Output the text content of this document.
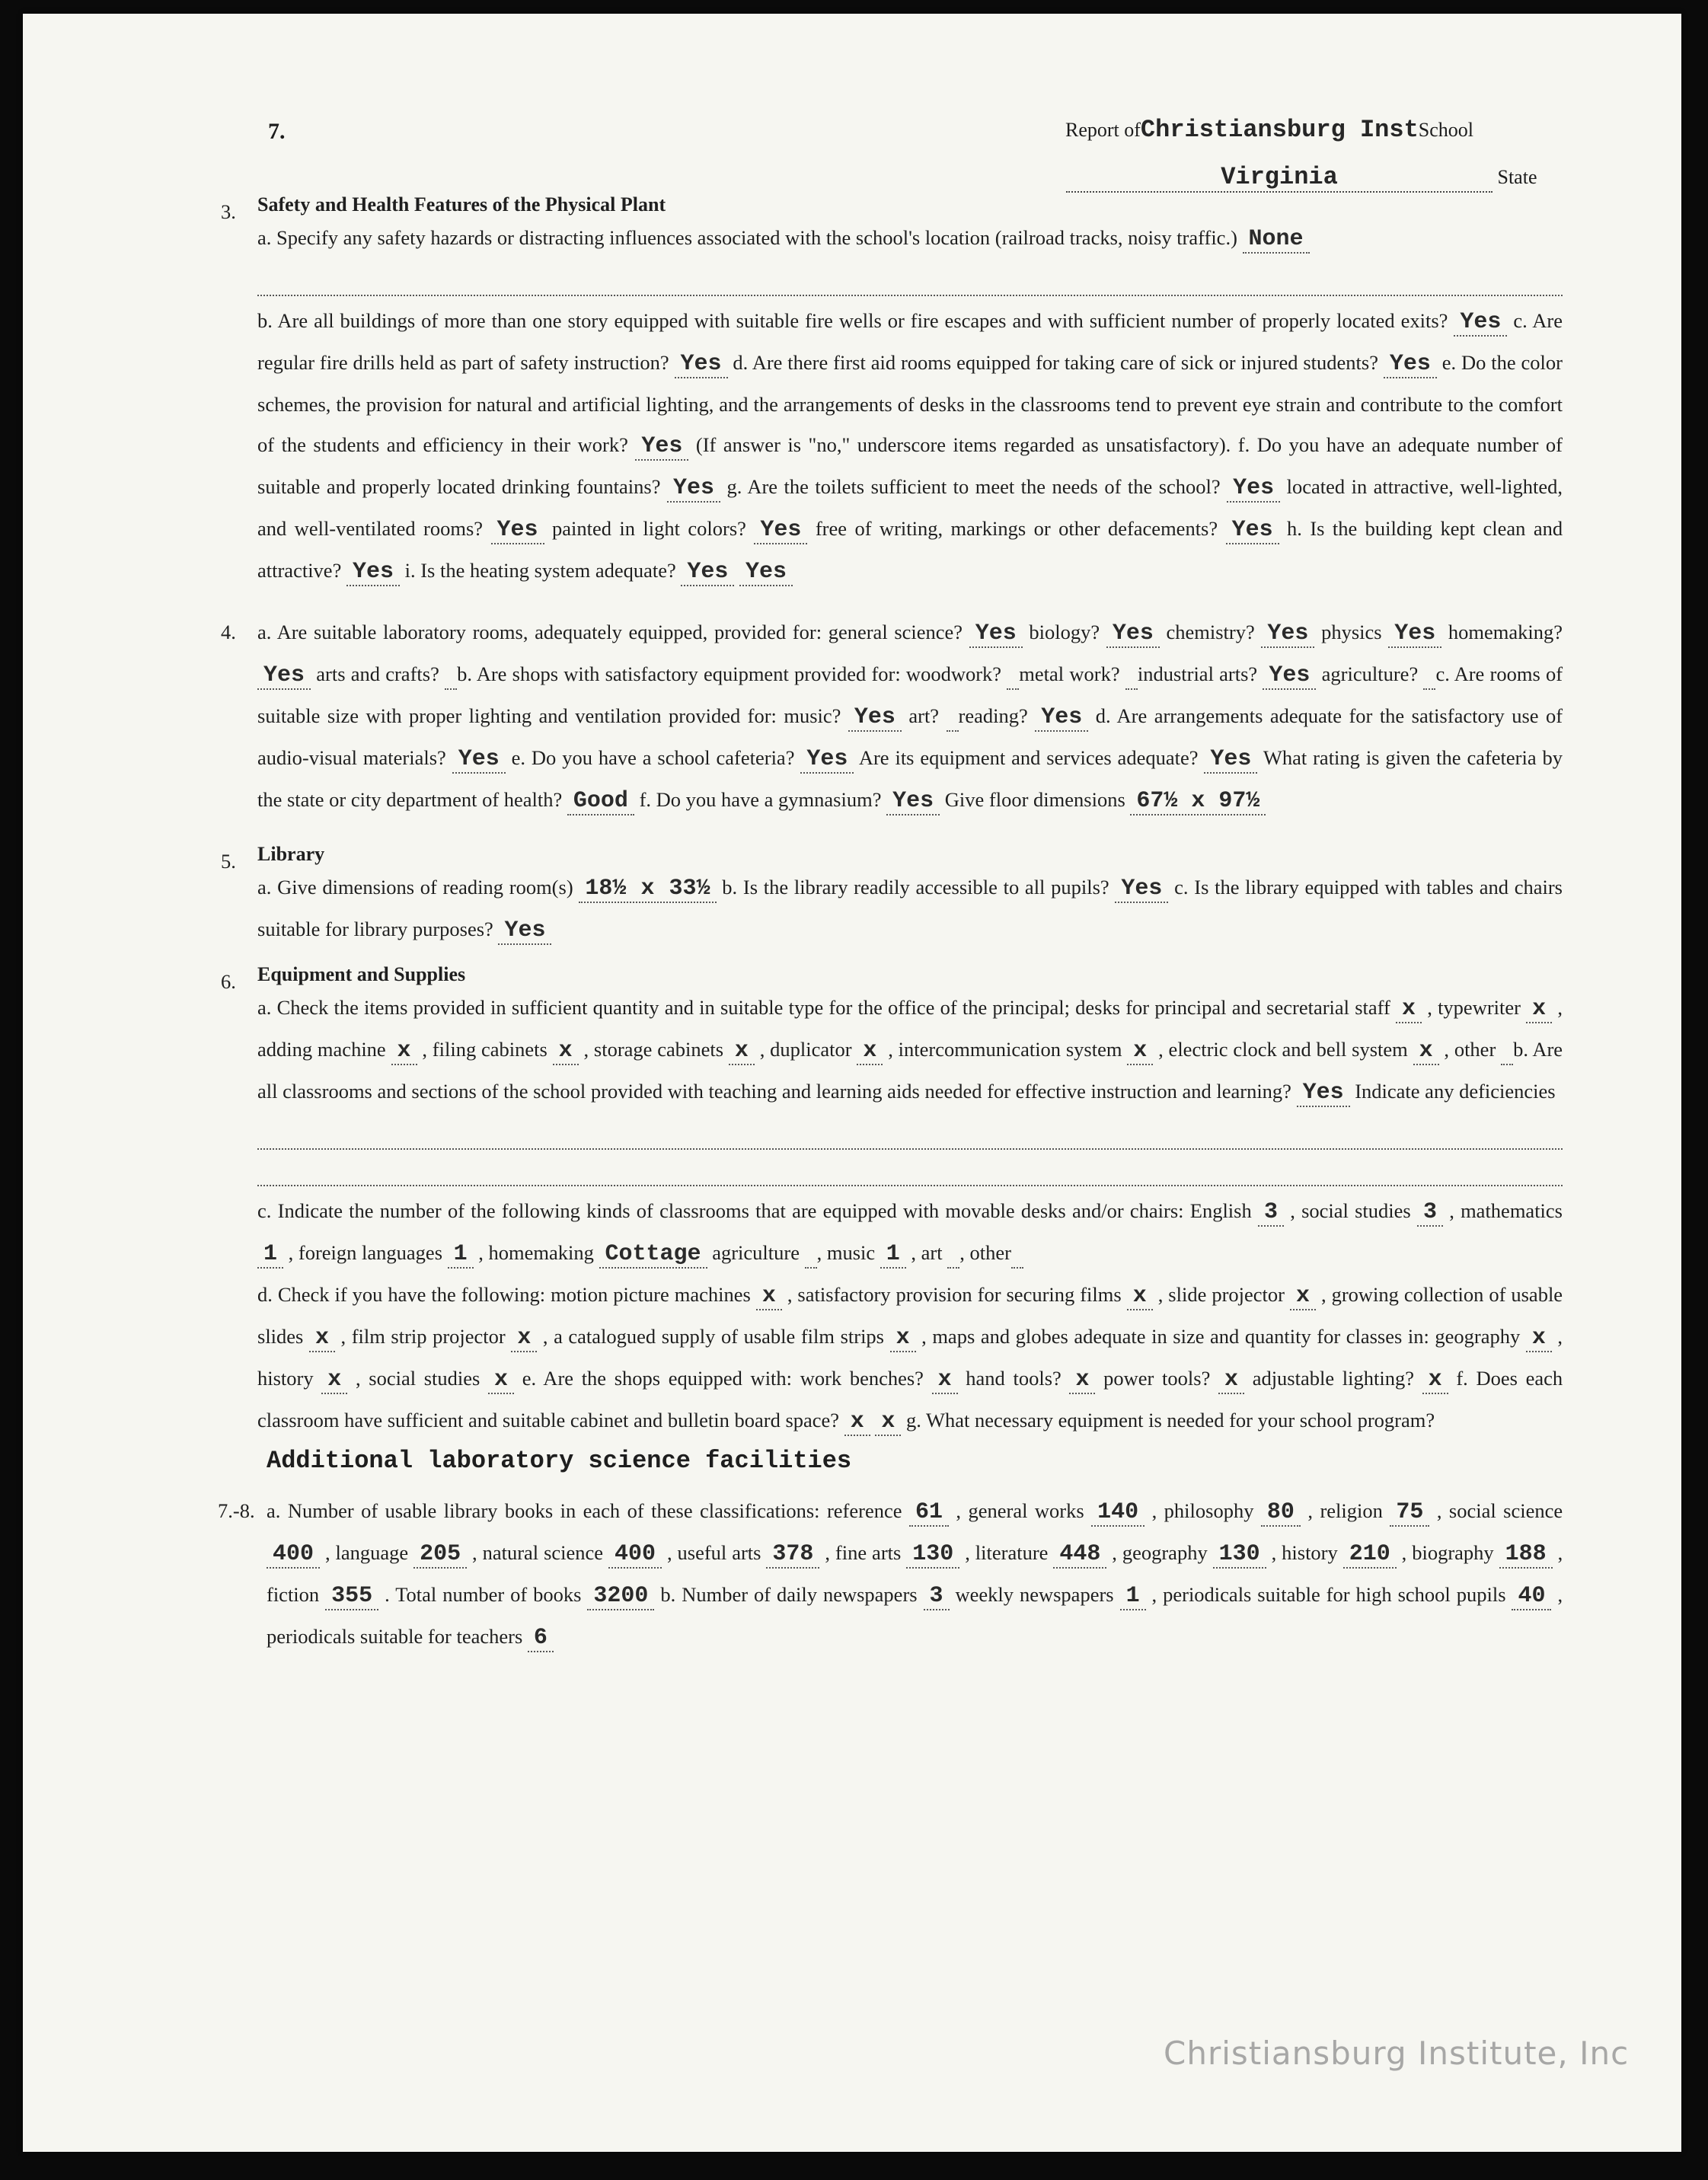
7.	Report ofChristiansburg InstSchool
Virginia	State
3.	Safety and Health Features of the Physical Plant

a. Specify any safety hazards or distracting influences associated with the school's location (railroad tracks, noisy traffic.) None

b. Are all buildings of more than one story equipped with suitable fire wells or fire escapes and with sufficient number of properly located exits? Yes c. Are regular fire drills held as part of safety instruction? Yes d. Are there first aid rooms equipped for taking care of sick or injured students? Yes e. Do the color schemes, the provision for natural and artificial lighting, and the arrangements of desks in the classrooms tend to prevent eye strain and contribute to the comfort of the students and efficiency in their work? Yes (If answer is "no," underscore items regarded as unsatisfactory). f. Do you have an adequate number of suitable and properly located drinking fountains? Yes g. Are the toilets sufficient to meet the needs of the school? Yes located in attractive, well-lighted, and well-ventilated rooms? Yes painted in light colors? Yes free of writing, markings or other defacements? Yes h. Is the building kept clean and attractive? Yes i. Is the heating system adequate? Yes Yes

4.	a. Are suitable laboratory rooms, adequately equipped, provided for: general science? Yes biology? Yes chemistry? Yes physics Yes homemaking? Yes arts and crafts? b. Are shops with satisfactory equipment provided for: woodwork? metal work? industrial arts? Yes agriculture? c. Are rooms of suitable size with proper lighting and ventilation provided for: music? Yes art? reading? Yes d. Are arrangements adequate for the satisfactory use of audio-visual materials? Yes e. Do you have a school cafeteria? Yes Are its equipment and services adequate? Yes What rating is given the cafeteria by the state or city department of health? Good f. Do you have a gymnasium? Yes Give floor dimensions 67½ x 97½

5.	Library

a. Give dimensions of reading room(s) 18½ x 33½ b. Is the library readily accessible to all pupils? Yes c. Is the library equipped with tables and chairs suitable for library purposes? Yes

6.	Equipment and Supplies

a. Check the items provided in sufficient quantity and in suitable type for the office of the principal; desks for principal and secretarial staff x , typewriter x , adding machine x , filing cabinets x , storage cabinets x , duplicator x , intercommunication system x , electric clock and bell system x , other b. Are all classrooms and sections of the school provided with teaching and learning aids needed for effective instruction and learning? Yes Indicate any deficiencies

c. Indicate the number of the following kinds of classrooms that are equipped with movable desks and/or chairs: English 3 , social studies 3 , mathematics 1 , foreign languages 1 , homemaking Cottage agriculture , music 1 , art , other

d. Check if you have the following: motion picture machines x , satisfactory provision for securing films x , slide projector x , growing collection of usable slides x , film strip projector x , a catalogued supply of usable film strips x , maps and globes adequate in size and quantity for classes in: geography x , history x , social studies x e. Are the shops equipped with: work benches? x hand tools? x power tools? x adjustable lighting? x f. Does each classroom have sufficient and suitable cabinet and bulletin board space? x x g. What necessary equipment is needed for your school program?

Additional laboratory science facilities
7.-8. a. Number of usable library books in each of these classifications: reference 61 , general works 140 , philosophy 80 , religion 75 , social science 400 , language 205 , natural science 400 , useful arts 378 , fine arts 130 , literature 448 , geography 130 , history 210 , biography 188 , fiction 355 . Total number of books 3200 b. Number of daily newspapers 3 weekly newspapers 1 , periodicals suitable for high school pupils 40 , periodicals suitable for teachers 6

Christiansburg Institute, Inc
